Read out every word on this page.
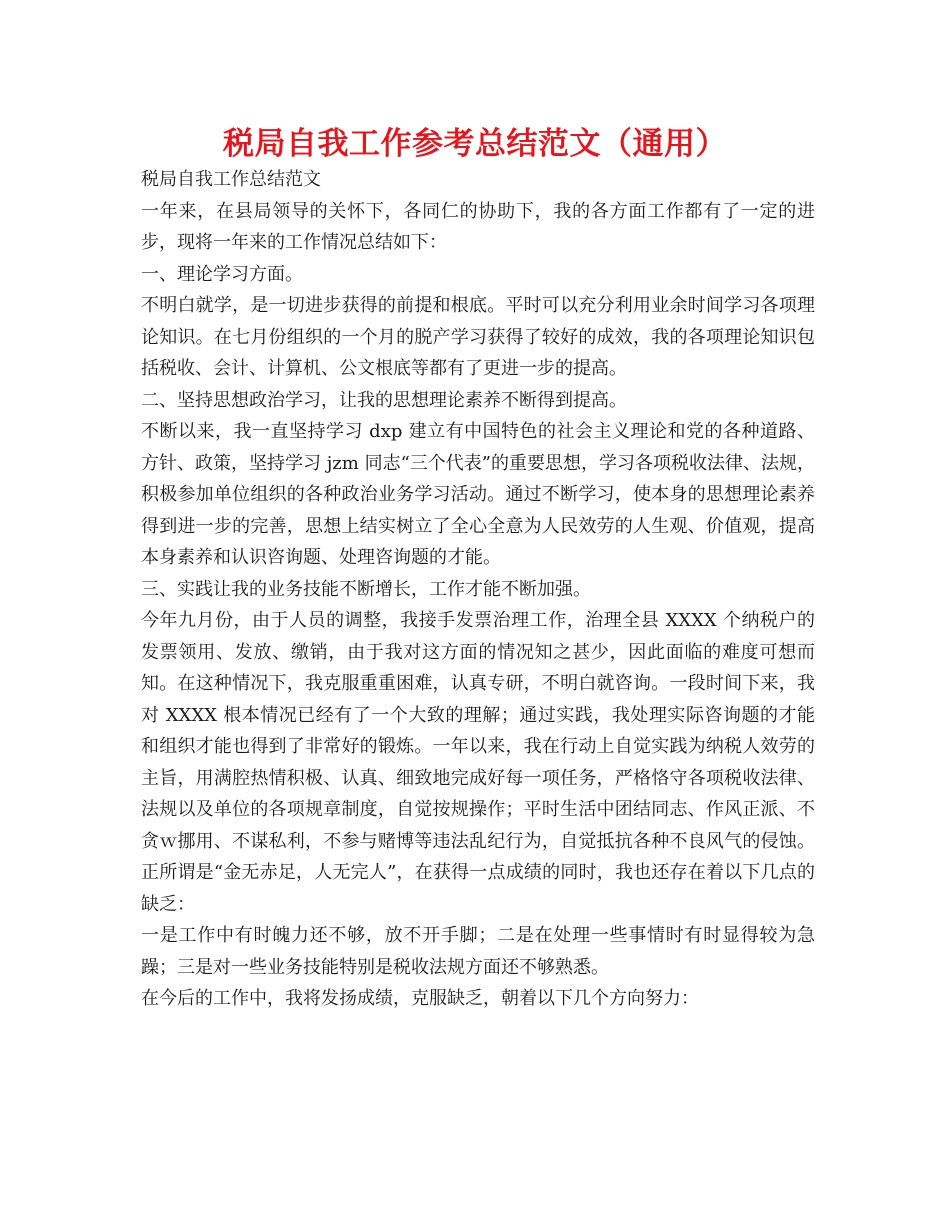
税局自我工作参考总结范文（通用）

税局自我工作总结范文

一年来，在县局领导的关怀下，各同仁的协助下，我的各方面工作都有了一定的进步，现将一年来的工作情况总结如下：

一、理论学习方面。

不明白就学，是一切进步获得的前提和根底。平时可以充分利用业余时间学习各项理论知识。在七月份组织的一个月的脱产学习获得了较好的成效，我的各项理论知识包括税收、会计、计算机、公文根底等都有了更进一步的提高。

二、坚持思想政治学习，让我的思想理论素养不断得到提高。

不断以来，我一直坚持学习 dxp 建立有中国特色的社会主义理论和党的各种道路、方针、政策，坚持学习 jzm 同志“三个代表”的重要思想，学习各项税收法律、法规，积极参加单位组织的各种政治业务学习活动。通过不断学习，使本身的思想理论素养得到进一步的完善，思想上结实树立了全心全意为人民效劳的人生观、价值观，提高本身素养和认识咨询题、处理咨询题的才能。

三、实践让我的业务技能不断增长，工作才能不断加强。

今年九月份，由于人员的调整，我接手发票治理工作，治理全县 XXXX 个纳税户的发票领用、发放、缴销，由于我对这方面的情况知之甚少，因此面临的难度可想而知。在这种情况下，我克服重重困难，认真专研，不明白就咨询。一段时间下来，我对 XXXX 根本情况已经有了一个大致的理解；通过实践，我处理实际咨询题的才能和组织才能也得到了非常好的锻炼。一年以来，我在行动上自觉实践为纳税人效劳的主旨，用满腔热情积极、认真、细致地完成好每一项任务，严格恪守各项税收法律、法规以及单位的各项规章制度，自觉按规操作；平时生活中团结同志、作风正派、不贪ｗ挪用、不谋私利，不参与赌博等违法乱纪行为，自觉抵抗各种不良风气的侵蚀。正所谓是“金无赤足，人无完人”，在获得一点成绩的同时，我也还存在着以下几点的缺乏：

一是工作中有时魄力还不够，放不开手脚；二是在处理一些事情时有时显得较为急躁；三是对一些业务技能特别是税收法规方面还不够熟悉。

在今后的工作中，我将发扬成绩，克服缺乏，朝着以下几个方向努力：
